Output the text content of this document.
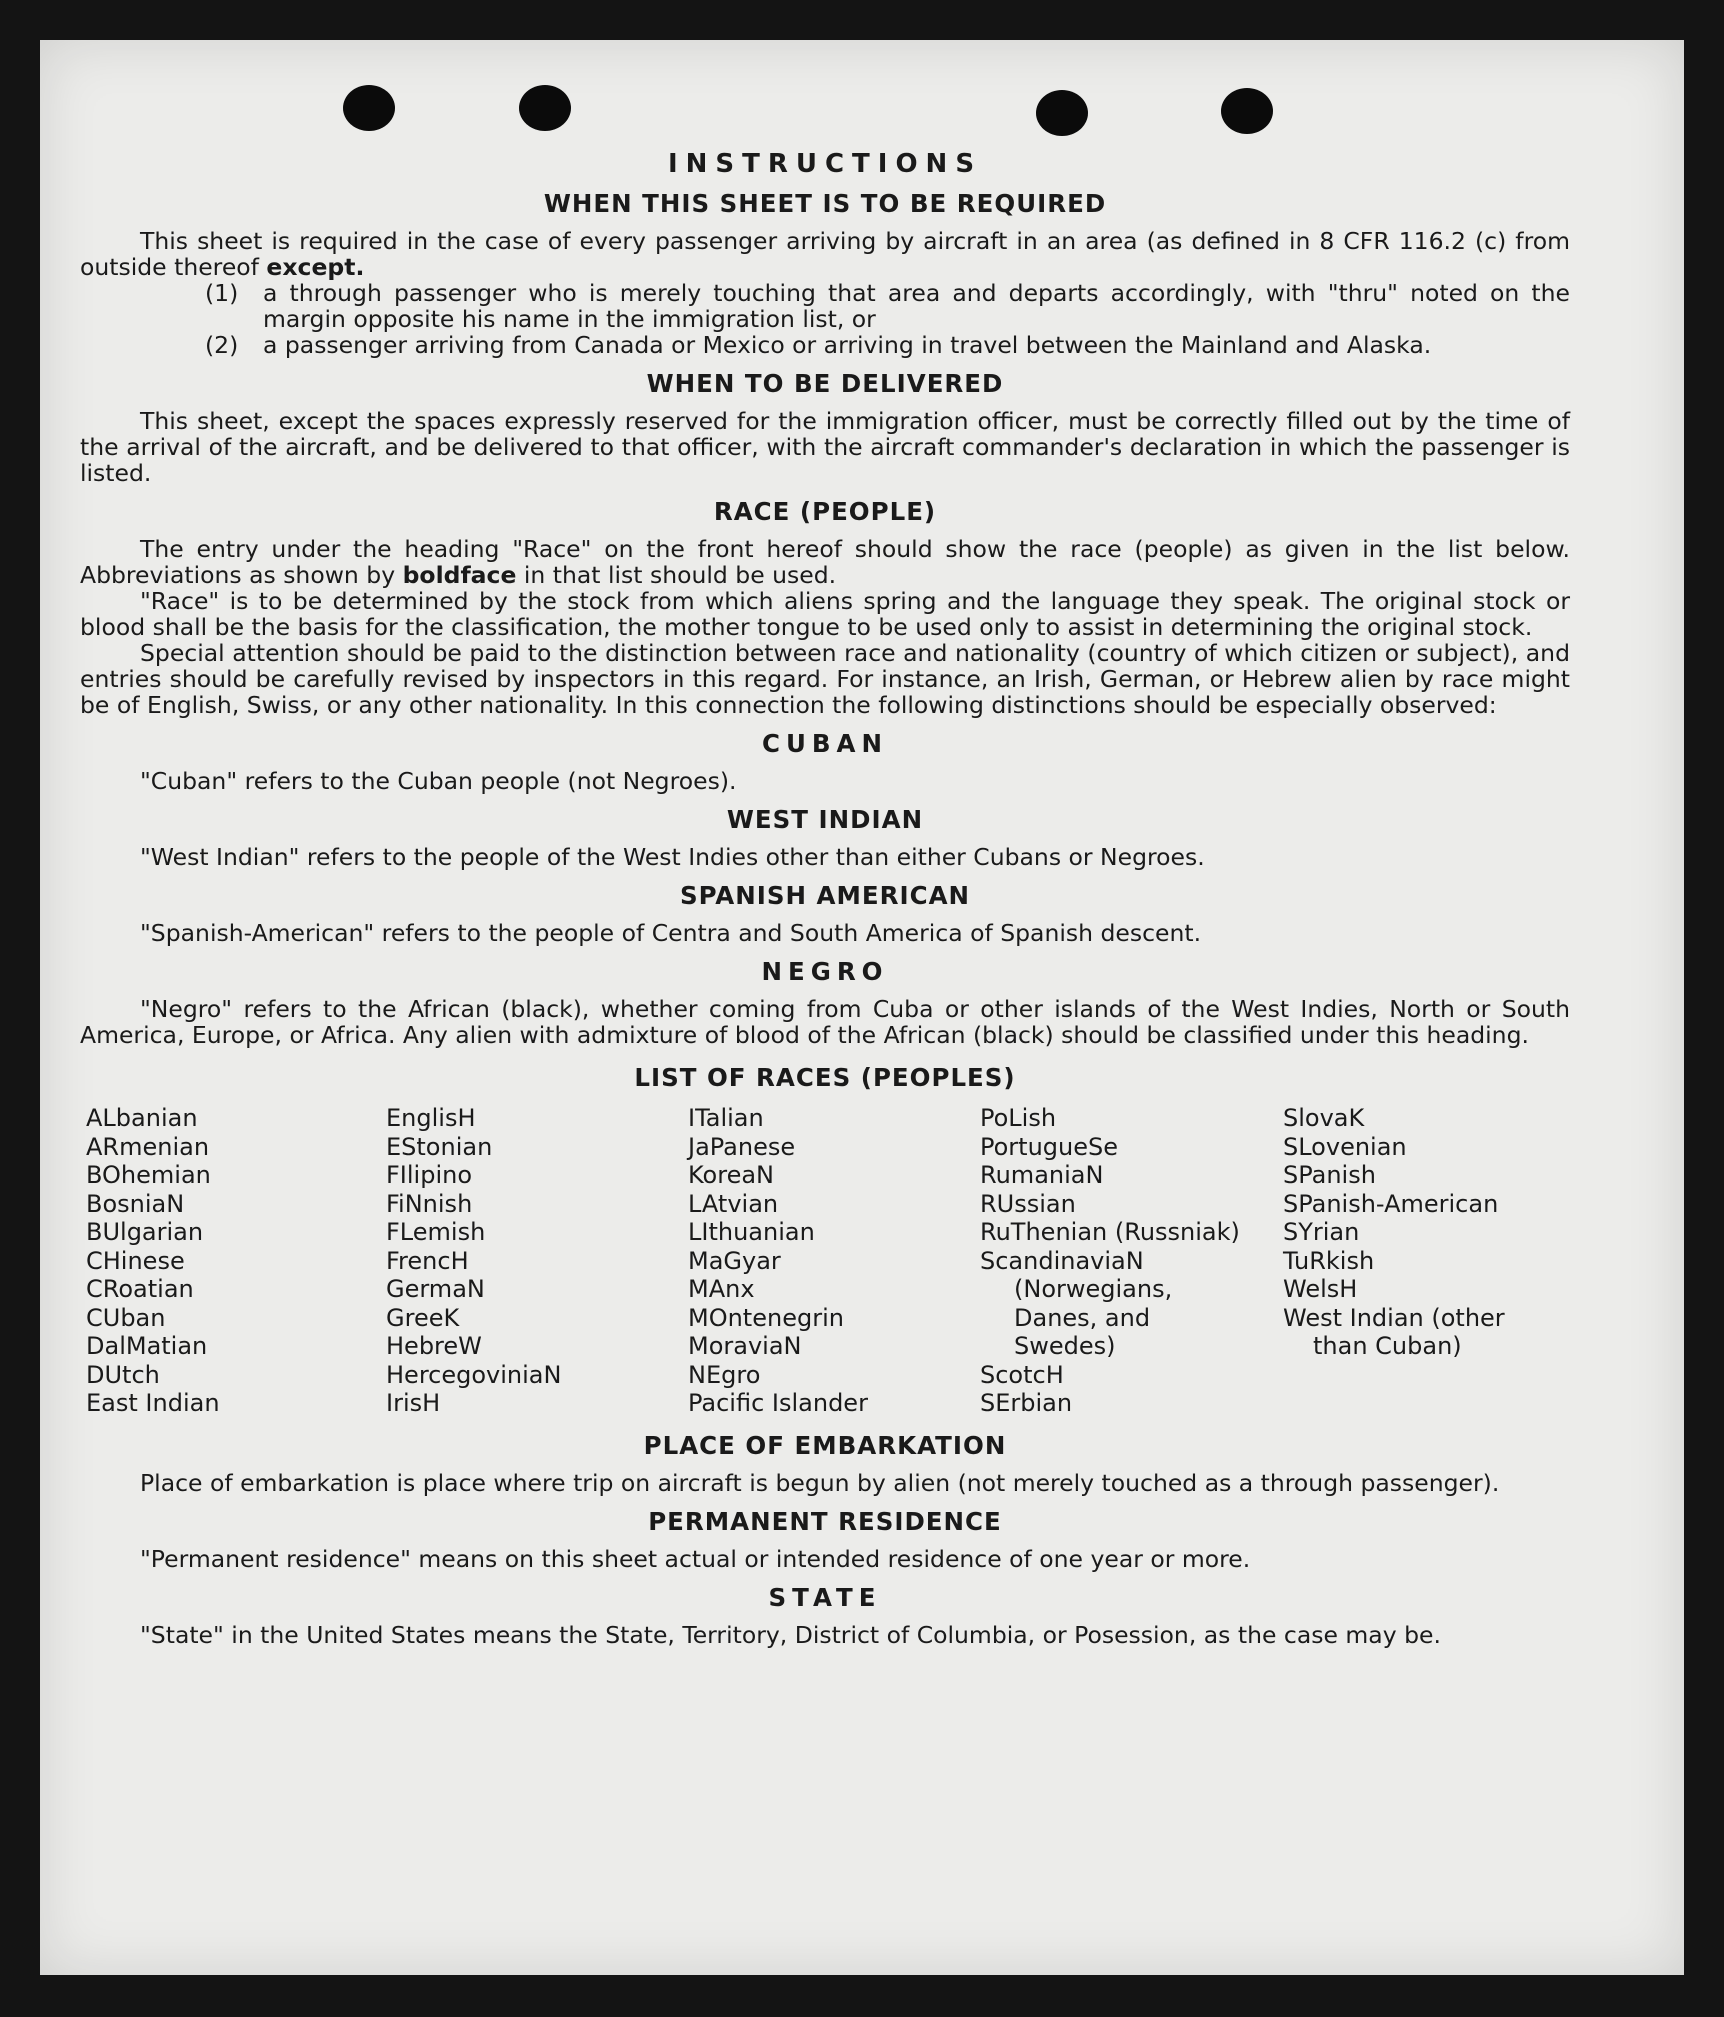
INSTRUCTIONS
WHEN THIS SHEET IS TO BE REQUIRED

This sheet is required in the case of every passenger arriving by aircraft in an area (as defined in 8 CFR 116.2 (c) from outside thereof except.

(1)	a through passenger who is merely touching that area and departs accordingly, with "thru" noted on the margin opposite his name in the immigration list, or
(2)	a passenger arriving from Canada or Mexico or arriving in travel between the Mainland and Alaska.
WHEN TO BE DELIVERED

This sheet, except the spaces expressly reserved for the immigration officer, must be correctly filled out by the time of the arrival of the aircraft, and be delivered to that officer, with the aircraft commander's declaration in which the passenger is listed.

RACE (PEOPLE)

The entry under the heading "Race" on the front hereof should show the race (people) as given in the list below. Abbreviations as shown by boldface in that list should be used.

"Race" is to be determined by the stock from which aliens spring and the language they speak. The original stock or blood shall be the basis for the classification, the mother tongue to be used only to assist in determining the original stock.

Special attention should be paid to the distinction between race and nationality (country of which citizen or subject), and entries should be carefully revised by inspectors in this regard. For instance, an Irish, German, or Hebrew alien by race might be of English, Swiss, or any other nationality. In this connection the following distinctions should be especially observed:

CUBAN

"Cuban" refers to the Cuban people (not Negroes).

WEST INDIAN

"West Indian" refers to the people of the West Indies other than either Cubans or Negroes.

SPANISH AMERICAN

"Spanish-American" refers to the people of Centra and South America of Spanish descent.

NEGRO

"Negro" refers to the African (black), whether coming from Cuba or other islands of the West Indies, North or South America, Europe, or Africa. Any alien with admixture of blood of the African (black) should be classified under this heading.

LIST OF RACES (PEOPLES)
ALbanian
ARmenian
BOhemian
BosniaN
BUlgarian
CHinese
CRoatian
CUban
DalMatian
DUtch
East Indian
EnglisH
EStonian
FIlipino
FiNnish
FLemish
FrencH
GermaN
GreeK
HebreW
HercegoviniaN
IrisH
ITalian
JaPanese
KoreaN
LAtvian
LIthuanian
MaGyar
MAnx
MOntenegrin
MoraviaN
NEgro
Pacific Islander
PoLish
PortugueSe
RumaniaN
RUssian
RuThenian (Russniak)
ScandinaviaN
(Norwegians,
Danes, and
Swedes)
ScotcH
SErbian
SlovaK
SLovenian
SPanish
SPanish-American
SYrian
TuRkish
WelsH
West Indian (other
than Cuban)
PLACE OF EMBARKATION

Place of embarkation is place where trip on aircraft is begun by alien (not merely touched as a through passenger).

PERMANENT RESIDENCE

"Permanent residence" means on this sheet actual or intended residence of one year or more.

STATE

"State" in the United States means the State, Territory, District of Columbia, or Posession, as the case may be.
